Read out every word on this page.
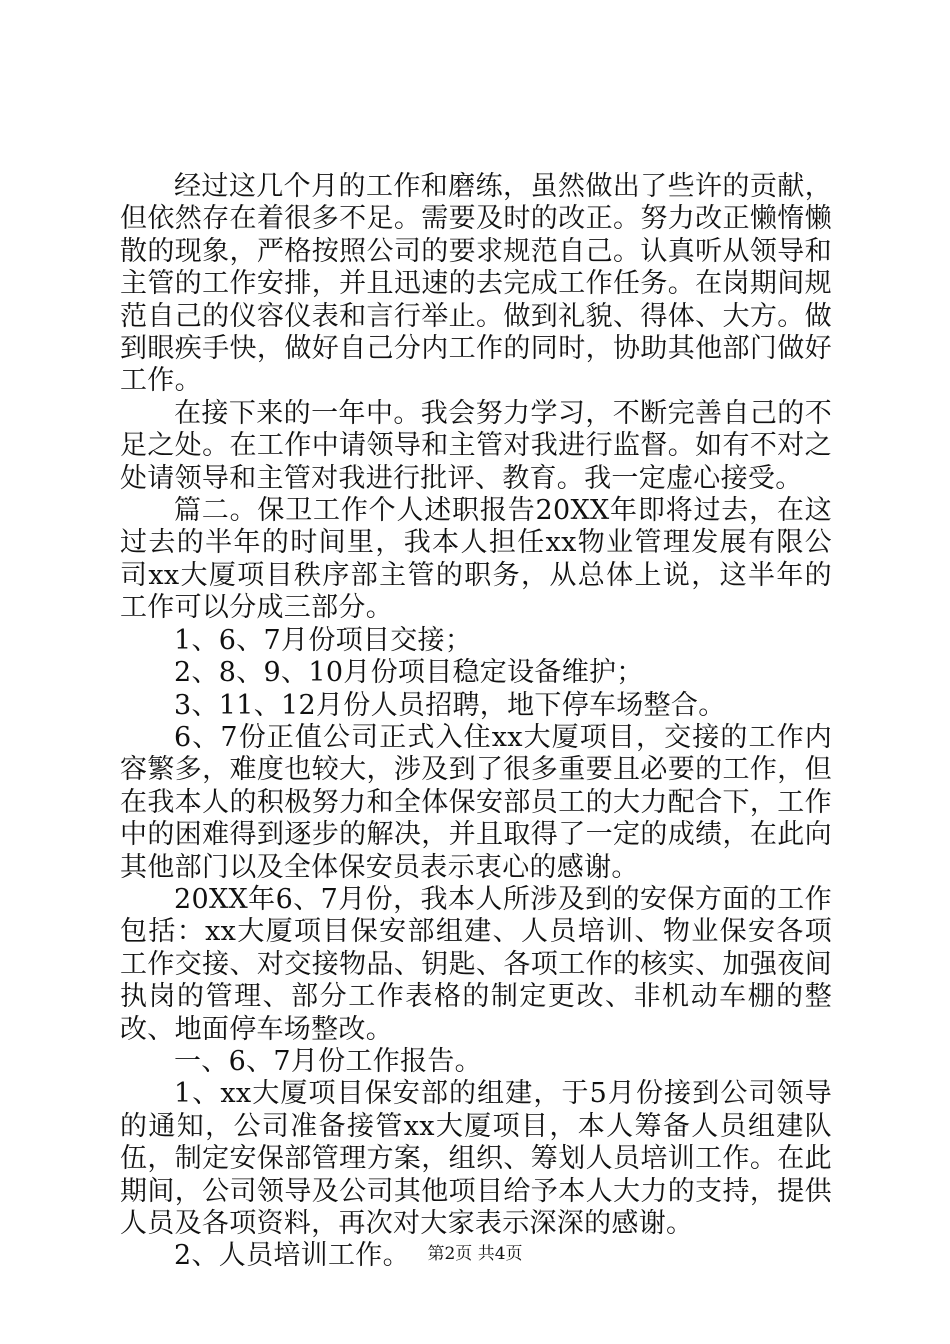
经过这几个月的工作和磨练，虽然做出了些许的贡献，但依然存在着很多不足。需要及时的改正。努力改正懒惰懒散的现象，严格按照公司的要求规范自己。认真听从领导和主管的工作安排，并且迅速的去完成工作任务。在岗期间规范自己的仪容仪表和言行举止。做到礼貌、得体、大方。做到眼疾手快，做好自己分内工作的同时，协助其他部门做好工作。

在接下来的一年中。我会努力学习，不断完善自己的不足之处。在工作中请领导和主管对我进行监督。如有不对之处请领导和主管对我进行批评、教育。我一定虚心接受。

篇二。保卫工作个人述职报告20XX年即将过去，在这过去的半年的时间里，我本人担任xx物业管理发展有限公司xx大厦项目秩序部主管的职务，从总体上说，这半年的工作可以分成三部分。

1、6、7月份项目交接；

2、8、9、10月份项目稳定设备维护；

3、11、12月份人员招聘，地下停车场整合。

6、7份正值公司正式入住xx大厦项目，交接的工作内容繁多，难度也较大，涉及到了很多重要且必要的工作，但在我本人的积极努力和全体保安部员工的大力配合下，工作中的困难得到逐步的解决，并且取得了一定的成绩，在此向其他部门以及全体保安员表示衷心的感谢。

20XX年6、7月份，我本人所涉及到的安保方面的工作包括：xx大厦项目保安部组建、人员培训、物业保安各项工作交接、对交接物品、钥匙、各项工作的核实、加强夜间执岗的管理、部分工作表格的制定更改、非机动车棚的整改、地面停车场整改。

一、6、7月份工作报告。

1、xx大厦项目保安部的组建，于5月份接到公司领导的通知，公司准备接管xx大厦项目，本人筹备人员组建队伍，制定安保部管理方案，组织、筹划人员培训工作。在此期间，公司领导及公司其他项目给予本人大力的支持，提供人员及各项资料，再次对大家表示深深的感谢。

2、人员培训工作。	第2页 共4页
